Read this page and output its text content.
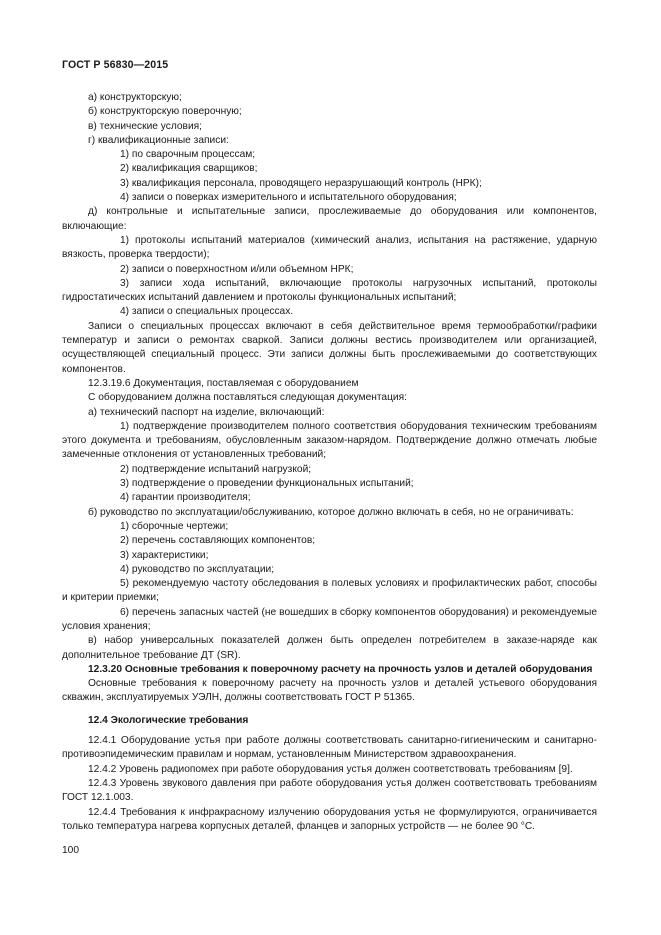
ГОСТ Р 56830—2015

а) конструкторскую;

б) конструкторскую поверочную;

в) технические условия;

г) квалификационные записи:

1) по сварочным процессам;

2) квалификация сварщиков;

3) квалификация персонала, проводящего неразрушающий контроль (НРК);

4) записи о поверках измерительного и испытательного оборудования;

д) контрольные и испытательные записи, прослеживаемые до оборудования или компонентов, включающие:

1) протоколы испытаний материалов (химический анализ, испытания на растяжение, ударную вязкость, проверка твердости);

2) записи о поверхностном и/или объемном НРК;

3) записи хода испытаний, включающие протоколы нагрузочных испытаний, протоколы гидростатических испытаний давлением и протоколы функциональных испытаний;

4) записи о специальных процессах.

Записи о специальных процессах включают в себя действительное время термообработки/графики температур и записи о ремонтах сваркой. Записи должны вестись производителем или организацией, осуществляющей специальный процесс. Эти записи должны быть прослеживаемыми до соответствующих компонентов.

12.3.19.6 Документация, поставляемая с оборудованием

С оборудованием должна поставляться следующая документация:

а) технический паспорт на изделие, включающий:

1) подтверждение производителем полного соответствия оборудования техническим требованиям этого документа и требованиям, обусловленным заказом-нарядом. Подтверждение должно отмечать любые замеченные отклонения от установленных требований;

2) подтверждение испытаний нагрузкой;

3) подтверждение о проведении функциональных испытаний;

4) гарантии производителя;

б) руководство по эксплуатации/обслуживанию, которое должно включать в себя, но не ограничивать:

1) сборочные чертежи;

2) перечень составляющих компонентов;

3) характеристики;

4) руководство по эксплуатации;

5) рекомендуемую частоту обследования в полевых условиях и профилактических работ, способы и критерии приемки;

6) перечень запасных частей (не вошедших в сборку компонентов оборудования) и рекомендуемые условия хранения;

в) набор универсальных показателей должен быть определен потребителем в заказе-наряде как дополнительное требование ДТ (SR).

12.3.20 Основные требования к поверочному расчету на прочность узлов и деталей оборудования

Основные требования к поверочному расчету на прочность узлов и деталей устьевого оборудования скважин, эксплуатируемых УЭЛН, должны соответствовать ГОСТ Р 51365.

12.4 Экологические требования

12.4.1 Оборудование устья при работе должны соответствовать санитарно-гигиеническим и санитарно-противоэпидемическим правилам и нормам, установленным Министерством здравоохранения.

12.4.2 Уровень радиопомех при работе оборудования устья должен соответствовать требованиям [9].

12.4.3 Уровень звукового давления при работе оборудования устья должен соответствовать требованиям ГОСТ 12.1.003.

12.4.4 Требования к инфракрасному излучению оборудования устья не формулируются, ограничивается только температура нагрева корпусных деталей, фланцев и запорных устройств — не более 90 °С.

100
